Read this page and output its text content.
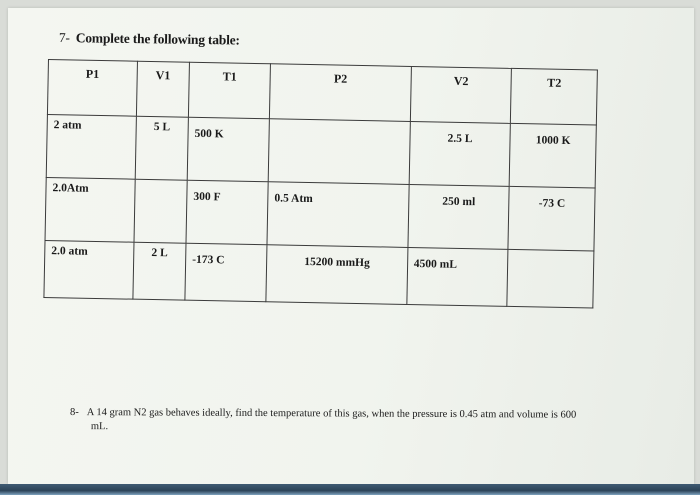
7- Complete the following table:
P1	V1	T1	P2	V2	T2
2 atm	5 L	500 K		2.5 L	1000 K
2.0Atm		300 F	0.5 Atm	250 ml	-73 C
2.0 atm	2 L	-173 C	15200 mmHg	4500 mL	
8- A 14 gram N2 gas behaves ideally, find the temperature of this gas, when the pressure is 0.45 atm and volume is 600
mL.
